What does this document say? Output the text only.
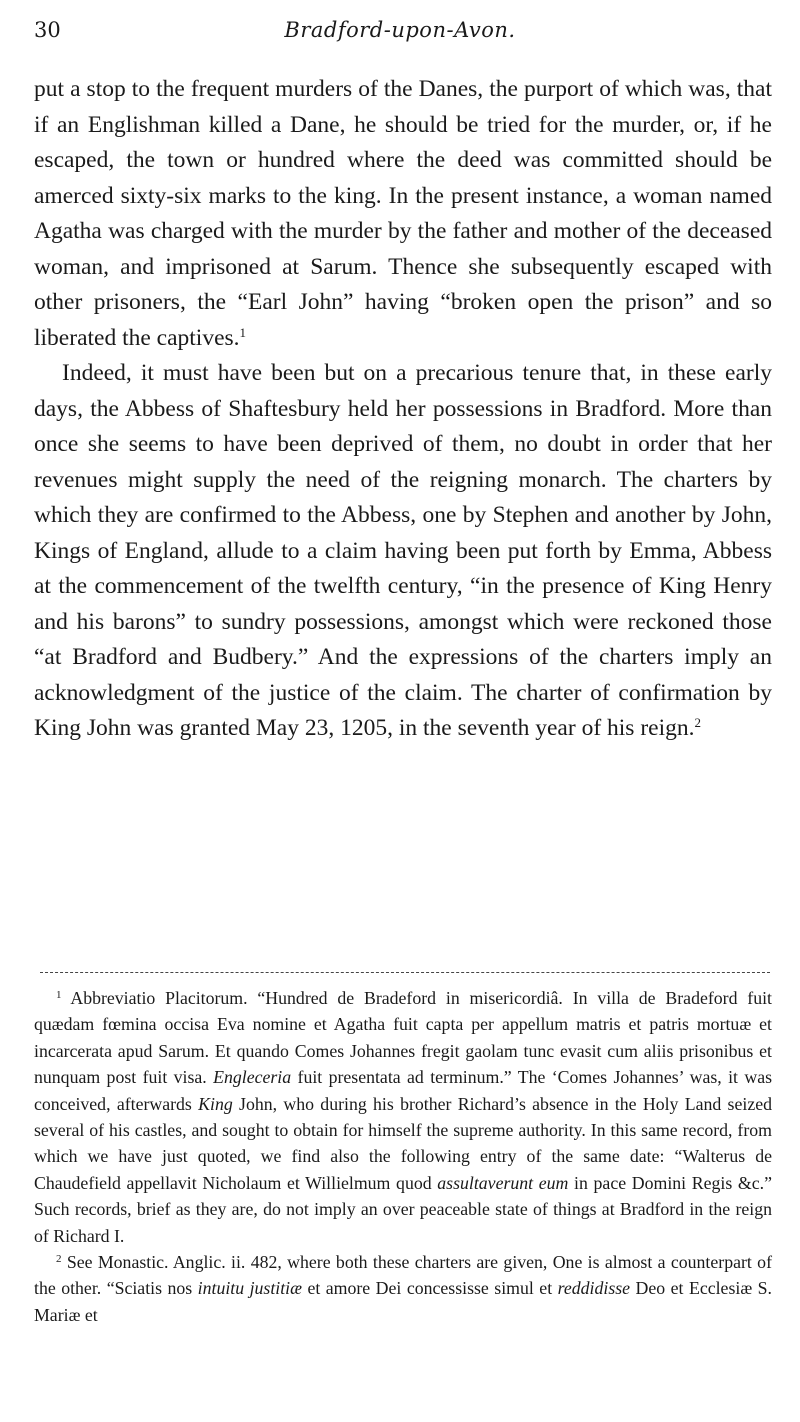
30	Bradford-upon-Avon.

put a stop to the frequent murders of the Danes, the purport of which was, that if an Englishman killed a Dane, he should be tried for the murder, or, if he escaped, the town or hundred where the deed was committed should be amerced sixty-six marks to the king. In the present instance, a woman named Agatha was charged with the murder by the father and mother of the deceased woman, and imprisoned at Sarum. Thence she subsequently escaped with other prisoners, the “Earl John” having “broken open the prison” and so liberated the captives.$^1$

Indeed, it must have been but on a precarious tenure that, in these early days, the Abbess of Shaftesbury held her possessions in Bradford. More than once she seems to have been deprived of them, no doubt in order that her revenues might supply the need of the reigning monarch. The charters by which they are confirmed to the Abbess, one by Stephen and another by John, Kings of England, allude to a claim having been put forth by Emma, Abbess at the commencement of the twelfth century, “in the presence of King Henry and his barons” to sundry possessions, amongst which were reckoned those “at Bradford and Budbery.” And the expressions of the charters imply an acknowledgment of the justice of the claim. The charter of confirmation by King John was granted May 23, 1205, in the seventh year of his reign.$^2$

$^1$ Abbreviatio Placitorum. “Hundred de Bradeford in misericordiâ. In villa de Bradeford fuit quædam fœmina occisa Eva nomine et Agatha fuit capta per appellum matris et patris mortuæ et incarcerata apud Sarum. Et quando Comes Johannes fregit gaolam tunc evasit cum aliis prisonibus et nunquam post fuit visa. Engleceria fuit presentata ad terminum.” The ‘Comes Johannes’ was, it was conceived, afterwards King John, who during his brother Richard’s absence in the Holy Land seized several of his castles, and sought to obtain for himself the supreme authority. In this same record, from which we have just quoted, we find also the following entry of the same date: “Walterus de Chaudefield appellavit Nicholaum et Willielmum quod assultaverunt eum in pace Domini Regis &c.” Such records, brief as they are, do not imply an over peaceable state of things at Bradford in the reign of Richard I.

$^2$ See Monastic. Anglic. ii. 482, where both these charters are given, One is almost a counterpart of the other. “Sciatis nos intuitu justitiæ et amore Dei concessisse simul et reddidisse Deo et Ecclesiæ S. Mariæ et
